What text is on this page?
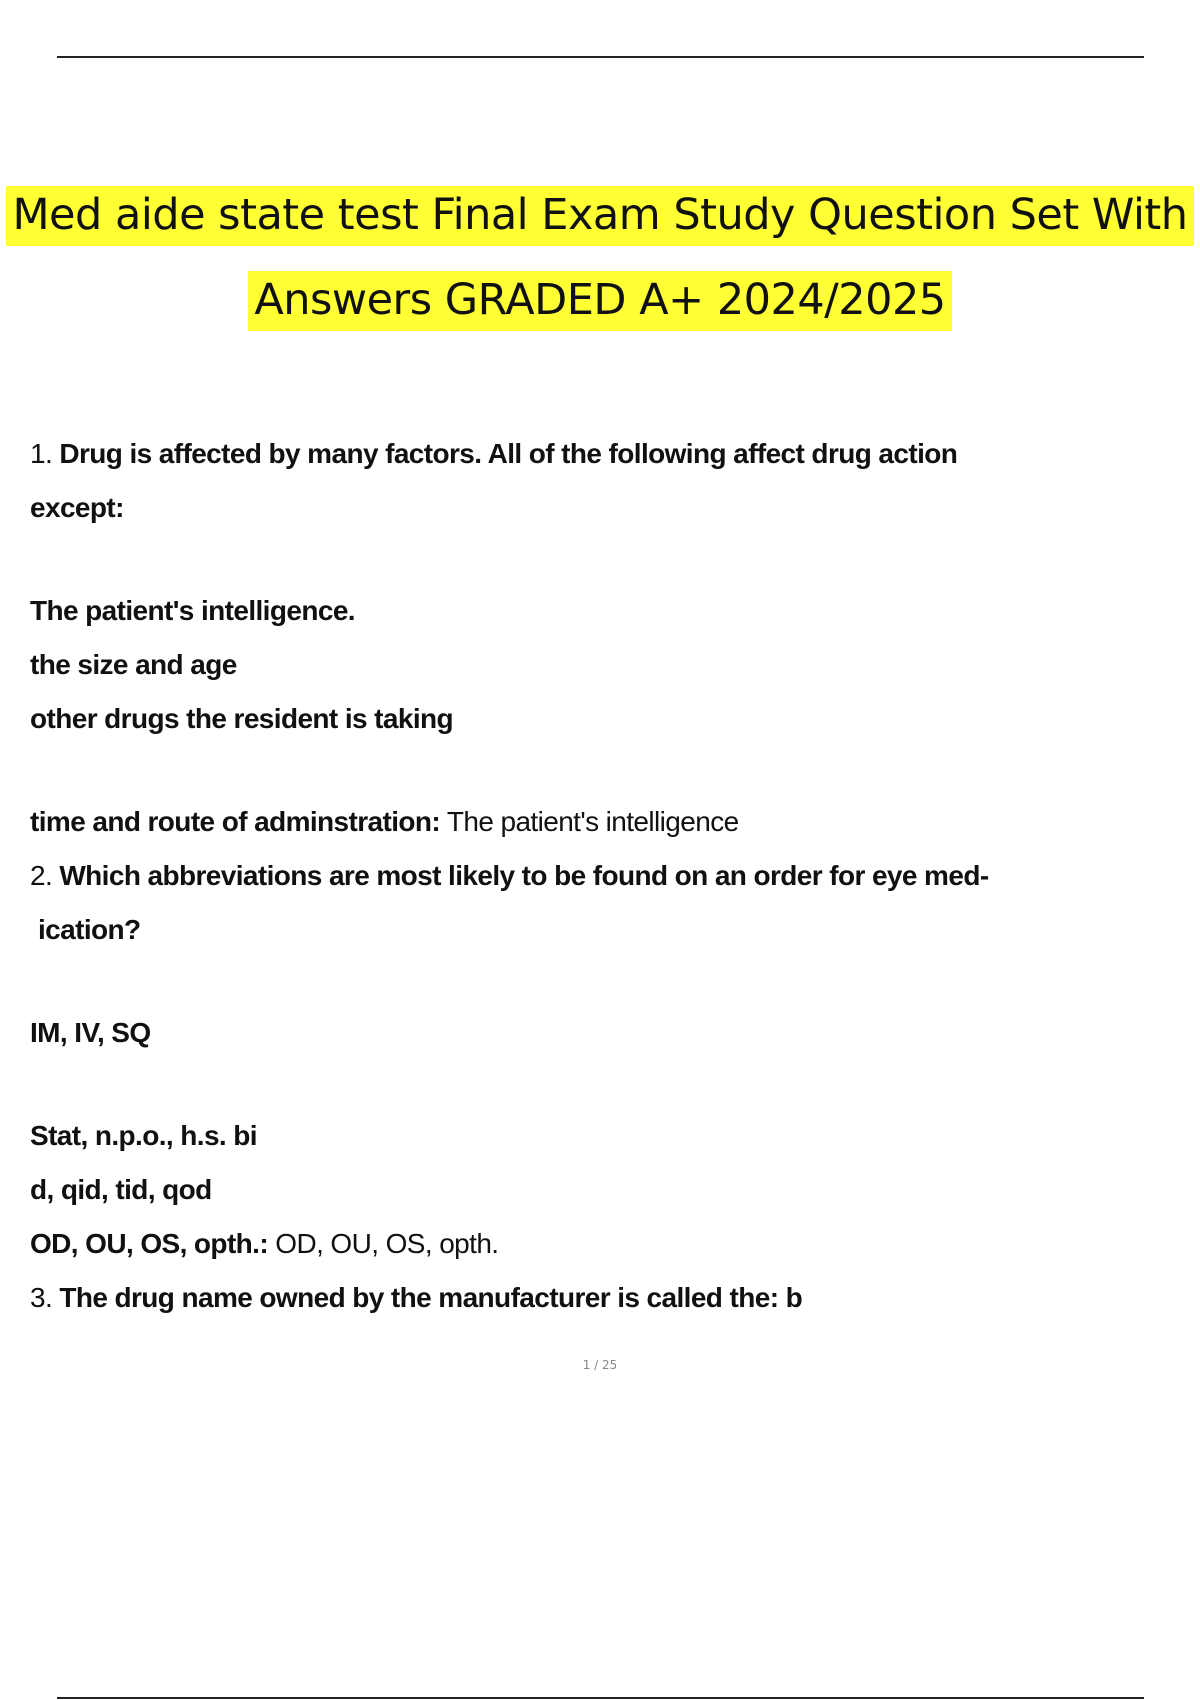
Med aide state test Final Exam Study Question Set With
Answers GRADED A+ 2024/2025
1. Drug is affected by many factors. All of the following affect drug action
except:
The patient's intelligence.
the size and age
other drugs the resident is taking
time and route of adminstration: The patient's intelligence
2. Which abbreviations are most likely to be found on an order for eye med-
ication?
IM, IV, SQ
Stat, n.p.o., h.s. bi
d, qid, tid, qod
OD, OU, OS, opth.: OD, OU, OS, opth.
3. The drug name owned by the manufacturer is called the: b
1 / 25
